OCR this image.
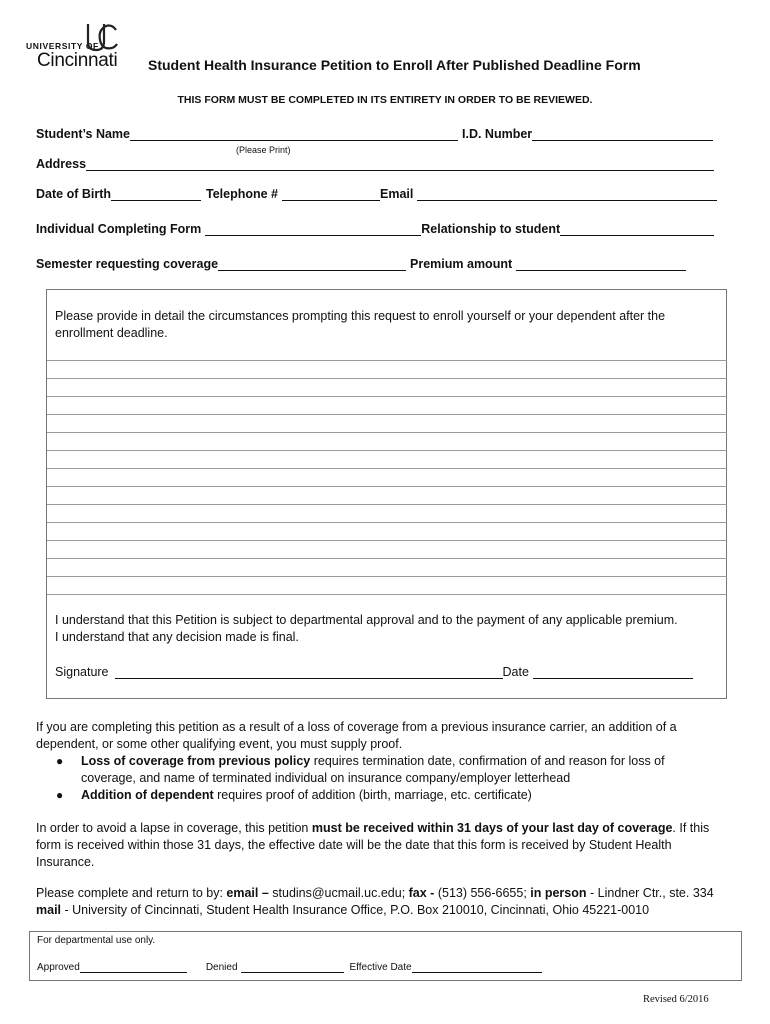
UNIVERSITY OF
Cincinnati Student Health Insurance Petition to Enroll After Published Deadline Form
THIS FORM MUST BE COMPLETED IN ITS ENTIRETY IN ORDER TO BE REVIEWED.
Student’s Name	I.D. Number
(Please Print)
Address
Date of Birth	Telephone #	Email
Individual Completing Form	Relationship to student
Semester requesting coverage	Premium amount
Please provide in detail the circumstances prompting this request to enroll yourself or your dependent after the enrollment deadline.
I understand that this Petition is subject to departmental approval and to the payment of any applicable premium.
I understand that any decision made is final.
Signature	Date
If you are completing this petition as a result of a loss of coverage from a previous insurance carrier, an addition of a dependent, or some other qualifying event, you must supply proof.
●	Loss of coverage from previous policy requires termination date, confirmation of and reason for loss of coverage, and name of terminated individual on insurance company/employer letterhead
●	Addition of dependent requires proof of addition (birth, marriage, etc. certificate)
In order to avoid a lapse in coverage, this petition must be received within 31 days of your last day of coverage. If this form is received within those 31 days, the effective date will be the date that this form is received by Student Health Insurance.
Please complete and return to by: email – studins@ucmail.uc.edu; fax - (513) 556-6655; in person - Lindner Ctr., ste. 334
mail - University of Cincinnati, Student Health Insurance Office, P.O. Box 210010, Cincinnati, Ohio 45221-0010
For departmental use only.
Approved	Denied	Effective Date
Revised 6/2016
